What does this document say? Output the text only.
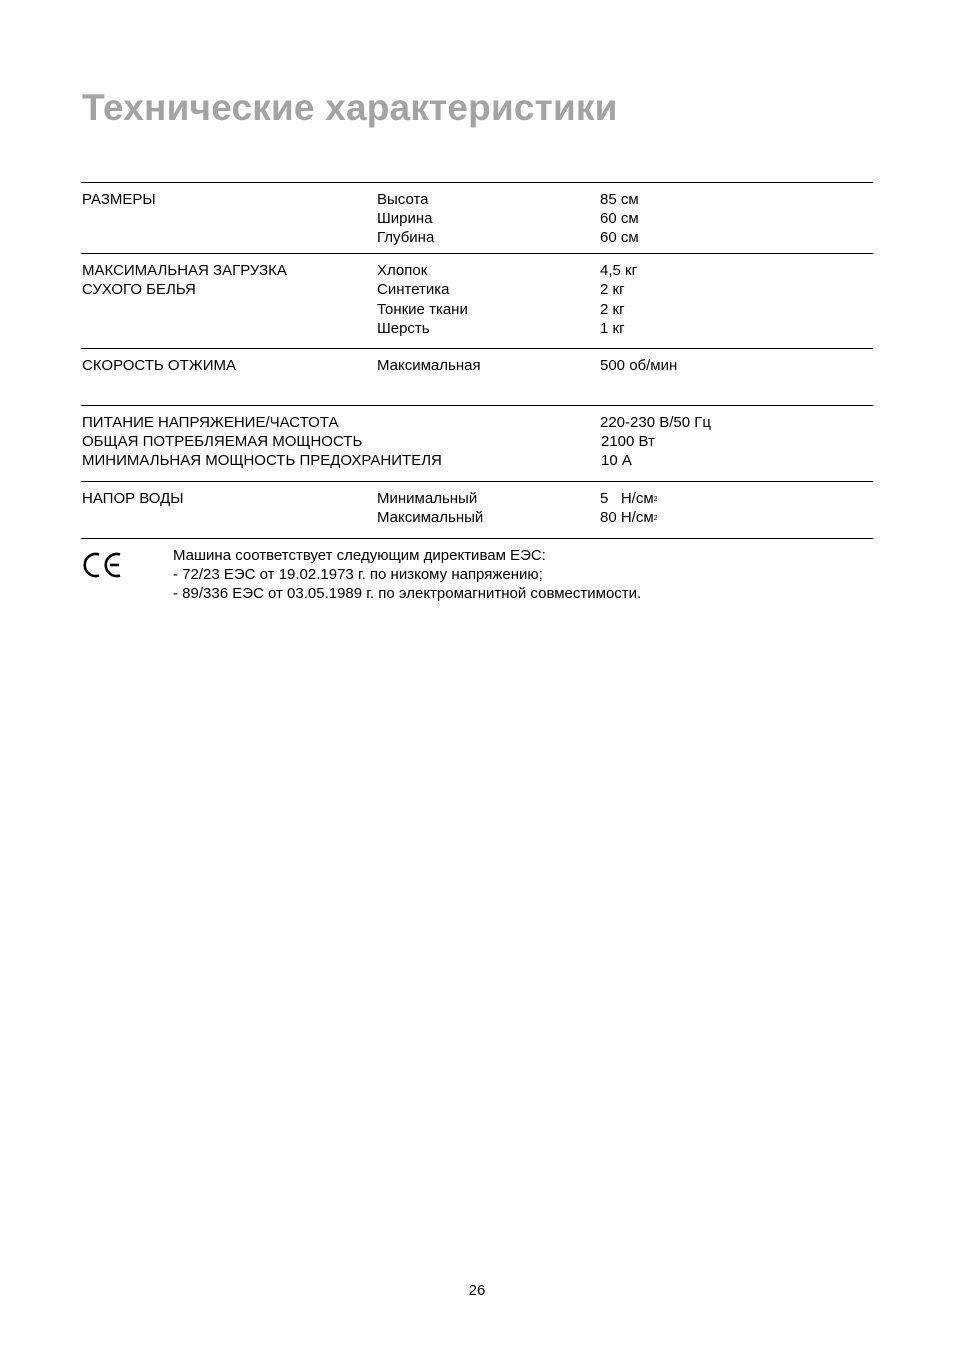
Технические характеристики
РАЗМЕРЫ	Высота	85 см
Ширина	60 см
Глубина	60 см
МАКСИМАЛЬНАЯ ЗАГРУЗКА
СУХОГО БЕЛЬЯ
Хлопок	4,5 кг
Синтетика	2 кг
Тонкие ткани	2 кг
Шерсть	1 кг
СКОРОСТЬ ОТЖИМА	Максимальная	500 об/мин
ПИТАНИЕ НАПРЯЖЕНИЕ/ЧАСТОТА	220-230 В/50 Гц
ОБЩАЯ ПОТРЕБЛЯЕМАЯ МОЩНОСТЬ	2100 Вт
МИНИМАЛЬНАЯ МОЩНОСТЬ ПРЕДОХРАНИТЕЛЯ	10 А
НАПОР ВОДЫ	Минимальный	5   $Н/см^2$
Максимальный	80 $Н/см^2$
Машина соответствует следующим директивам ЕЭС:
- 72/23 ЕЭС от 19.02.1973 г. по низкому напряжению;
- 89/336 ЕЭС от 03.05.1989 г. по электромагнитной совместимости.
26
